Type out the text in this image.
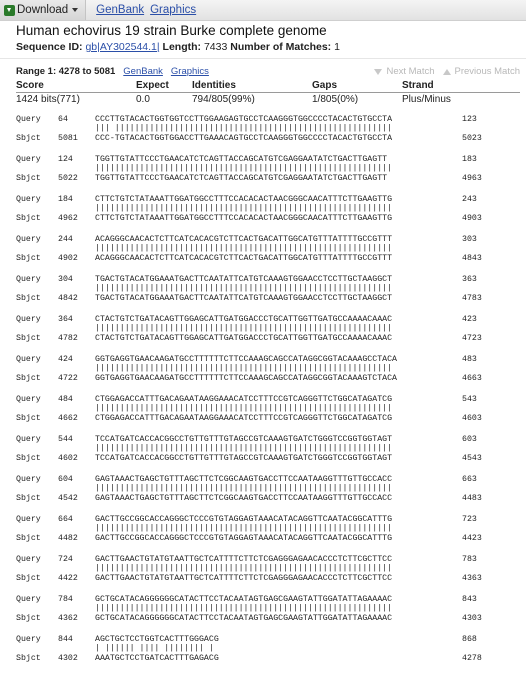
Download GenBank Graphics
Human echovirus 19 strain Burke complete genome
Sequence ID: gb|AY302544.1| Length: 7433 Number of Matches: 1
Range 1: 4278 to 5081 GenBank Graphics	Next Match Previous Match
Score	Expect	Identities	Gaps	Strand
1424 bits(771)	0.0	794/805(99%)	1/805(0%)	Plus/Minus
Query 64	CCCTTGTACACTGGTGGTCCTTGGAAGAGTGCCTCAAGGGTGGCCCCTACACTGTGCCTA	123
||| ||||||||||||||||||||||||||||||||||||||||||||||||||||||||
Sbjct 5081 CCC-TGTACACTGGTGGACCTTGAAACAGTGCCTCAAGGGTGGCCCCTACACTGTGCCTA	5023
Query 124	TGGTTGTATTCCCTGAACATCTCAGTTACCAGCATGTCGAGGAATATCTGACTTGAGTT	183
||||||||||||||||||||||||||||||||||||||||||||||||||||||||||||
Sbjct 5022 TGGTTGTATTCCCTGAACATCTCAGTTACCAGCATGTCGAGGAATATCTGACTTGAGTT	4963
Query 184	CTTCTGTCTATAAATTGGATGGCCTTTCCACACACTAACGGGCAACATTTCTTGAAGTTG	243
||||||||||||||||||||||||||||||||||||||||||||||||||||||||||||
Sbjct 4962 CTTCTGTCTATAAATTGGATGGCCTTTCCACACACTAACGGGCAACATTTCTTGAAGTTG	4903
Query 244	ACAGGGCAACACTCTTCATCACACGTCTTCACTGACATTGGCATGTTTATTTTGCCGTTT	303
||||||||||||||||||||||||||||||||||||||||||||||||||||||||||||
Sbjct 4902 ACAGGGCAACACTCTTCATCACACGTCTTCACTGACATTGGCATGTTTATTTTGCCGTTT	4843
Query 304	TGACTGTACATGGAAATGACTTCAATATTCATGTCAAAGTGGAACCTCCTTGCTAAGGCT	363
||||||||||||||||||||||||||||||||||||||||||||||||||||||||||||
Sbjct 4842 TGACTGTACATGGAAATGACTTCAATATTCATGTCAAAGTGGAACCTCCTTGCTAAGGCT	4783
Query 364	CTACTGTCTGATACAGTTGGAGCATTGATGGACCCTGCATTGGTTGATGCCAAAACAAAC	423
||||||||||||||||||||||||||||||||||||||||||||||||||||||||||||
Sbjct 4782 CTACTGTCTGATACAGTTGGAGCATTGATGGACCCTGCATTGGTTGATGCCAAAACAAAC	4723
Query 424	GGTGAGGTGAACAAGATGCCTTTTTTCTTCCAAAGCAGCCATAGGCGGTACAAAGCCTACA	483
||||||||||||||||||||||||||||||||||||||||||||||||||||||||||||
Sbjct 4722 GGTGAGGTGAACAAGATGCCTTTTTTCTTCCAAAGCAGCCATAGGCGGTACAAAGTCTACA	4663
Query 484	CTGGAGACCATTTGACAGAATAAGGAAACATCCTTTCCGTCAGGGTTCTGGCATAGATCG	543
||||||||||||||||||||||||||||||||||||||||||||||||||||||||||||
Sbjct 4662 CTGGAGACCATTTGACAGAATAAGGAAACATCCTTTCCGTCAGGGTTCTGGCATAGATCG	4603
Query 544	TCCATGATCACCACGGCCTGTTGTTTGTAGCCGTCAAAGTGATCTGGGTCCGGTGGTAGT	603
||||||||||||||||||||||||||||||||||||||||||||||||||||||||||||
Sbjct 4602 TCCATGATCACCACGGCCTGTTGTTTGTAGCCGTCAAAGTGATCTGGGTCCGGTGGTAGT	4543
Query 604	GAGTAAACTGAGCTGTTTAGCTTCTCGGCAAGTGACCTTCCAATAAGGTTTGTTGCCACC	663
||||||||||||||||||||||||||||||||||||||||||||||||||||||||||||
Sbjct 4542 GAGTAAACTGAGCTGTTTAGCTTCTCGGCAAGTGACCTTCCAATAAGGTTTGTTGCCACC	4483
Query 664	GACTTGCCGGCACCAGGGCTCCCGTGTAGGAGTAAACATACAGGTTCAATACGGCATTTG	723
||||||||||||||||||||||||||||||||||||||||||||||||||||||||||||
Sbjct 4482 GACTTGCCGGCACCAGGGCTCCCGTGTAGGAGTAAACATACAGGTTCAATACGGCATTTG	4423
Query 724	GACTTGAACTGTATGTAATTGCTCATTTTCTTCTCGAGGGAGAACACCCTCTTCGCTTCC	783
||||||||||||||||||||||||||||||||||||||||||||||||||||||||||||
Sbjct 4422 GACTTGAACTGTATGTAATTGCTCATTTTCTTCTCGAGGGAGAACACCCTCTTCGCTTCC	4363
Query 784	GCTGCATACAGGGGGGCATACTTCCTACAATAGTGAGCGAAGTATTGGATATTAGAAAAC	843
||||||||||||||||||||||||||||||||||||||||||||||||||||||||||||
Sbjct 4362 GCTGCATACAGGGGGGCATACTTCCTACAATAGTGAGCGAAGTATTGGATATTAGAAAAC	4303
Query 844	AGCTGCTCCTGGTCACTTTGGGACG	868
| |||||| |||| |||||||| |
Sbjct 4302 AAATGCTCCTGATCACTTTGAGACG	4278
